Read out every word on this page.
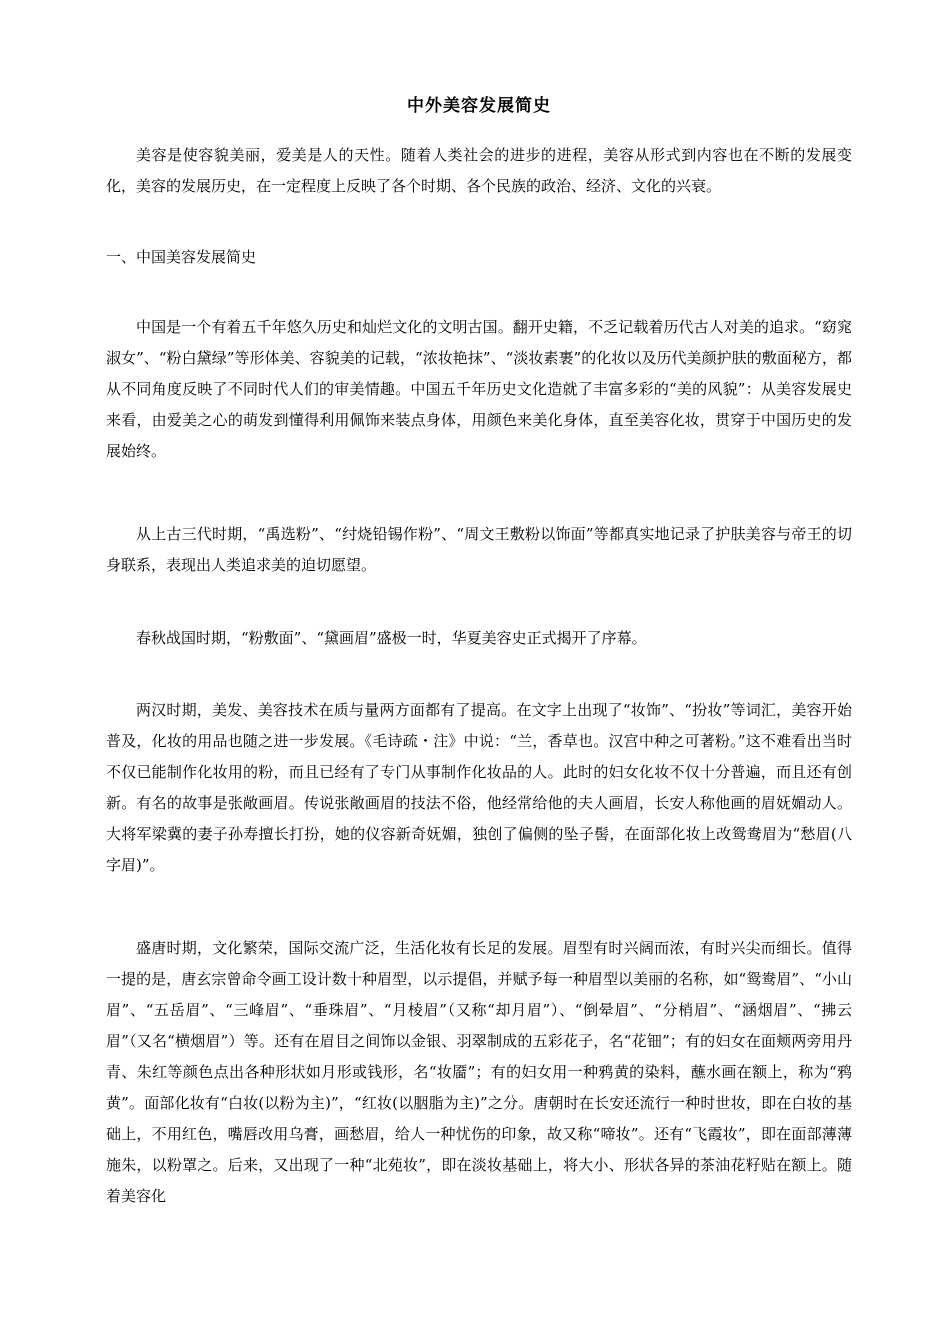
中外美容发展简史

美容是使容貌美丽，爱美是人的天性。随着人类社会的进步的进程，美容从形式到内容也在不断的发展变化，美容的发展历史，在一定程度上反映了各个时期、各个民族的政治、经济、文化的兴衰。

一、中国美容发展简史

中国是一个有着五千年悠久历史和灿烂文化的文明古国。翻开史籍，不乏记载着历代古人对美的追求。“窈窕淑女”、“粉白黛绿”等形体美、容貌美的记载，“浓妆艳抹”、“淡妆素裹”的化妆以及历代美颜护肤的敷面秘方，都从不同角度反映了不同时代人们的审美情趣。中国五千年历史文化造就了丰富多彩的“美的风貌”：从美容发展史来看，由爱美之心的萌发到懂得利用佩饰来装点身体，用颜色来美化身体，直至美容化妆，贯穿于中国历史的发展始终。

从上古三代时期，“禹选粉”、“纣烧铅锡作粉”、“周文王敷粉以饰面”等都真实地记录了护肤美容与帝王的切身联系，表现出人类追求美的迫切愿望。

春秋战国时期，“粉敷面”、“黛画眉”盛极一时，华夏美容史正式揭开了序幕。

两汉时期，美发、美容技术在质与量两方面都有了提高。在文字上出现了“妆饰”、“扮妆”等词汇，美容开始普及，化妆的用品也随之进一步发展。《毛诗疏・注》中说：“兰，香草也。汉宫中种之可著粉。”这不难看出当时不仅已能制作化妆用的粉，而且已经有了专门从事制作化妆品的人。此时的妇女化妆不仅十分普遍，而且还有创新。有名的故事是张敞画眉。传说张敞画眉的技法不俗，他经常给他的夫人画眉，长安人称他画的眉妩媚动人。大将军梁冀的妻子孙寿擅长打扮，她的仪容新奇妩媚，独创了偏侧的坠子髻，在面部化妆上改鸳鸯眉为“愁眉(八字眉)”。

盛唐时期，文化繁荣，国际交流广泛，生活化妆有长足的发展。眉型有时兴阔而浓，有时兴尖而细长。值得一提的是，唐玄宗曾命令画工设计数十种眉型，以示提倡，并赋予每一种眉型以美丽的名称，如“鸳鸯眉”、“小山眉”、“五岳眉”、“三峰眉”、“垂珠眉”、“月棱眉”（又称“却月眉”）、“倒晕眉”、“分梢眉”、“涵烟眉”、“拂云眉”（又名“横烟眉”）等。还有在眉目之间饰以金银、羽翠制成的五彩花子，名“花钿”；有的妇女在面颊两旁用丹青、朱红等颜色点出各种形状如月形或钱形，名“妆靥”；有的妇女用一种鸦黄的染料，蘸水画在额上，称为“鸦黄”。面部化妆有“白妆(以粉为主)”，“红妆(以胭脂为主)”之分。唐朝时在长安还流行一种时世妆，即在白妆的基础上，不用红色，嘴唇改用乌膏，画愁眉，给人一种忧伤的印象，故又称“啼妆”。还有“飞霞妆”，即在面部薄薄施朱，以粉罩之。后来，又出现了一种“北苑妆”，即在淡妆基础上，将大小、形状各异的茶油花籽贴在额上。随着美容化
